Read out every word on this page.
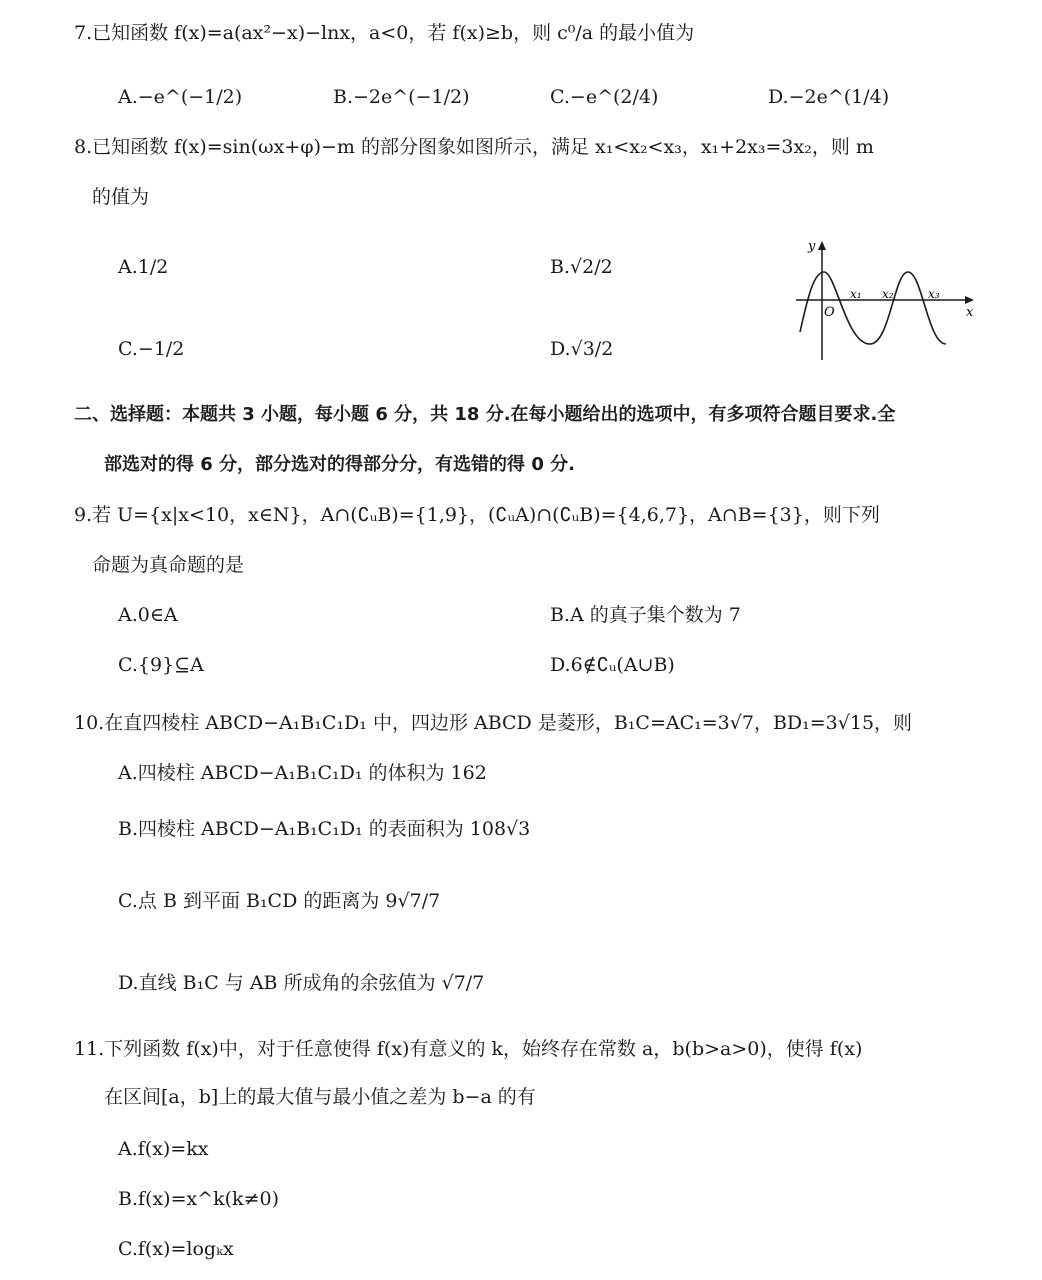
7.已知函数 f(x)=a(ax²−x)−lnx，a<0，若 f(x)≥b，则 c⁰/a 的最小值为
A.−e^(−1/2)	B.−2e^(−1/2)	C.−e^(2/4)	D.−2e^(1/4)
8.已知函数 f(x)=sin(ωx+φ)−m 的部分图象如图所示，满足 x₁<x₂<x₃，x₁+2x₃=3x₂，则 m
的值为
A.1/2	B.√2/2
C.−1/2	D.√3/2
y
x
O
x₁ x₂	x₃
二、选择题：本题共 3 小题，每小题 6 分，共 18 分.在每小题给出的选项中，有多项符合题目要求.全
部选对的得 6 分，部分选对的得部分分，有选错的得 0 分.
9.若 U={x|x<10，x∈N}，A∩(∁ᵤB)={1,9}，(∁ᵤA)∩(∁ᵤB)={4,6,7}，A∩B={3}，则下列
命题为真命题的是
A.0∈A	B.A 的真子集个数为 7
C.{9}⊆A	D.6∉∁ᵤ(A∪B)
10.在直四棱柱 ABCD−A₁B₁C₁D₁ 中，四边形 ABCD 是菱形，B₁C=AC₁=3√7，BD₁=3√15，则
A.四棱柱 ABCD−A₁B₁C₁D₁ 的体积为 162
B.四棱柱 ABCD−A₁B₁C₁D₁ 的表面积为 108√3
C.点 B 到平面 B₁CD 的距离为 9√7/7
D.直线 B₁C 与 AB 所成角的余弦值为 √7/7
11.下列函数 f(x)中，对于任意使得 f(x)有意义的 k，始终存在常数 a，b(b>a>0)，使得 f(x)
在区间[a，b]上的最大值与最小值之差为 b−a 的有
A.f(x)=kx
B.f(x)=x^k(k≠0)
C.f(x)=logₖx
